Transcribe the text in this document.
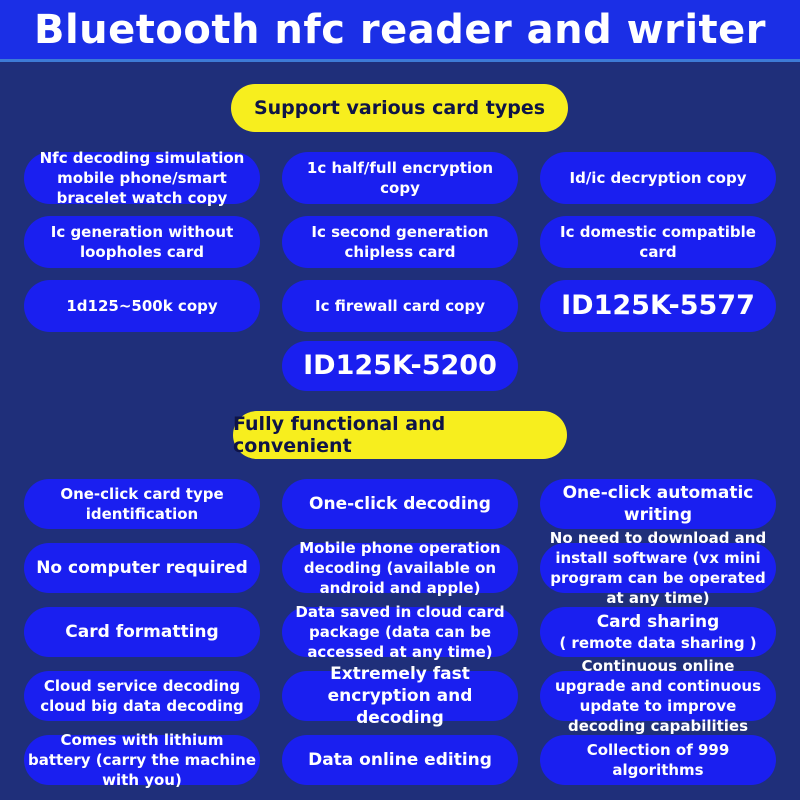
Bluetooth nfc reader and writer
Support various card types
Nfc decoding simulation mobile phone/smart bracelet watch copy
1c half/full encryption copy
Id/ic decryption copy
Ic generation without loopholes card
Ic second generation chipless card
Ic domestic compatible card
1d125~500k copy	Ic firewall card copy	ID125K-5577
ID125K-5200
Fully functional and convenient
One-click card type identification	One-click decoding
One-click automatic writing
No computer required
Mobile phone operation decoding (available on android and apple)
No need to download and install software (vx mini program can be operated at any time)
Card formatting
Data saved in cloud card package (data can be accessed at any time)
Card sharing
( remote data sharing )
Cloud service decoding cloud big data decoding
Extremely fast encryption and decoding
Continuous online upgrade and continuous update to improve decoding capabilities
Comes with lithium battery (carry the machine with you)
Data online editing	Collection of 999 algorithms
